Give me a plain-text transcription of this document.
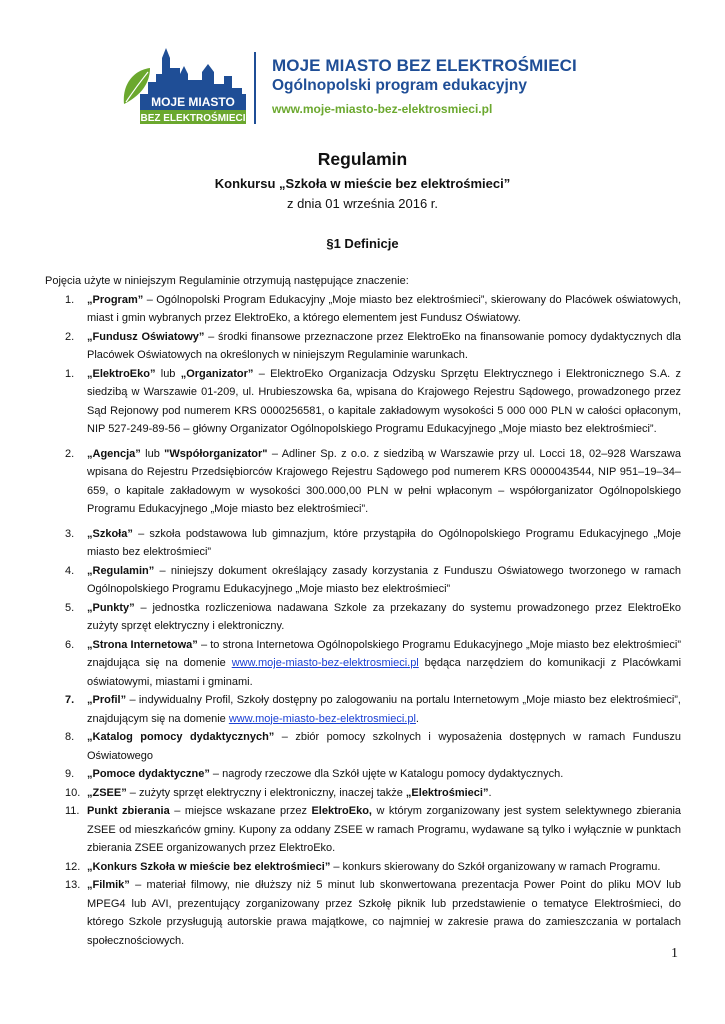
MOJE MIASTO
BEZ ELEKTROŚMIECI
MOJE MIASTO BEZ ELEKTROŚMIECI
Ogólnopolski program edukacyjny
www.moje-miasto-bez-elektrosmieci.pl
Regulamin
Konkursu „Szkoła w mieście bez elektrośmieci”
z dnia 01 września 2016 r.
§1 Definicje
Pojęcia użyte w niniejszym Regulaminie otrzymują następujące znaczenie:
1. „Program” – Ogólnopolski Program Edukacyjny „Moje miasto bez elektrośmieci”, skierowany do Placówek oświatowych, miast i gmin wybranych przez ElektroEko, a którego elementem jest Fundusz Oświatowy.
2. „Fundusz Oświatowy” – środki finansowe przeznaczone przez ElektroEko na finansowanie pomocy dydaktycznych dla Placówek Oświatowych na określonych w niniejszym Regulaminie warunkach.
1. „ElektroEko” lub „Organizator” – ElektroEko Organizacja Odzysku Sprzętu Elektrycznego i Elektronicznego S.A. z siedzibą w Warszawie 01-209, ul. Hrubieszowska 6a, wpisana do Krajowego Rejestru Sądowego, prowadzonego przez Sąd Rejonowy pod numerem KRS 0000256581, o kapitale zakładowym wysokości 5 000 000 PLN w całości opłaconym, NIP 527-249-89-56 – główny Organizator Ogólnopolskiego Programu Edukacyjnego „Moje miasto bez elektrośmieci”.
2. „Agencja” lub "Współorganizator" – Adliner Sp. z o.o. z siedzibą w Warszawie przy ul. Locci 18, 02–928 Warszawa wpisana do Rejestru Przedsiębiorców Krajowego Rejestru Sądowego pod numerem KRS 0000043544, NIP 951–19–34–659, o kapitale zakładowym w wysokości 300.000,00 PLN w pełni wpłaconym – współorganizator Ogólnopolskiego Programu Edukacyjnego „Moje miasto bez elektrośmieci”.
3. „Szkoła” – szkoła podstawowa lub gimnazjum, które przystąpiła do Ogólnopolskiego Programu Edukacyjnego „Moje miasto bez elektrośmieci”
4. „Regulamin” – niniejszy dokument określający zasady korzystania z Funduszu Oświatowego tworzonego w ramach Ogólnopolskiego Programu Edukacyjnego „Moje miasto bez elektrośmieci”
5. „Punkty” – jednostka rozliczeniowa nadawana Szkole za przekazany do systemu prowadzonego przez ElektroEko zużyty sprzęt elektryczny i elektroniczny.
6. „Strona Internetowa” – to strona Internetowa Ogólnopolskiego Programu Edukacyjnego „Moje miasto bez elektrośmieci” znajdująca się na domenie www.moje-miasto-bez-elektrosmieci.pl będąca narzędziem do komunikacji z Placówkami oświatowymi, miastami i gminami.
7. „Profil” – indywidualny Profil, Szkoły dostępny po zalogowaniu na portalu Internetowym „Moje miasto bez elektrośmieci”, znajdującym się na domenie www.moje-miasto-bez-elektrosmieci.pl.
8. „Katalog pomocy dydaktycznych” – zbiór pomocy szkolnych i wyposażenia dostępnych w ramach Funduszu Oświatowego
9. „Pomoce dydaktyczne” – nagrody rzeczowe dla Szkół ujęte w Katalogu pomocy dydaktycznych.
10. „ZSEE” – zużyty sprzęt elektryczny i elektroniczny, inaczej także „Elektrośmieci”.
11. Punkt zbierania – miejsce wskazane przez ElektroEko, w którym zorganizowany jest system selektywnego zbierania ZSEE od mieszkańców gminy. Kupony za oddany ZSEE w ramach Programu, wydawane są tylko i wyłącznie w punktach zbierania ZSEE organizowanych przez ElektroEko.
12. „Konkurs Szkoła w mieście bez elektrośmieci” – konkurs skierowany do Szkół organizowany w ramach Programu.
13. „Filmik” – materiał filmowy, nie dłuższy niż 5 minut lub skonwertowana prezentacja Power Point do pliku MOV lub MPEG4 lub AVI, prezentujący zorganizowany przez Szkołę piknik lub przedstawienie o tematyce Elektrośmieci, do którego Szkole przysługują autorskie prawa majątkowe, co najmniej w zakresie prawa do zamieszczania w portalach społecznościowych.
1
